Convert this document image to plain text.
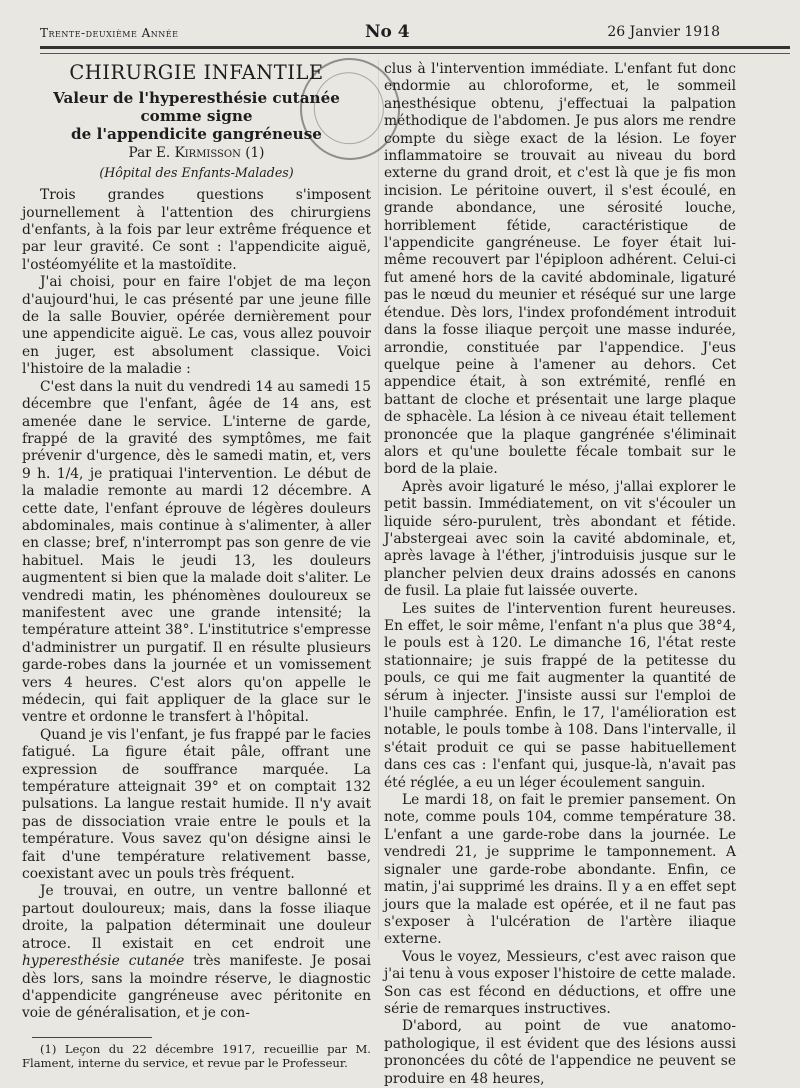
Trente-deuxième Année	No 4	26 Janvier 1918
CHIRURGIE INFANTILE
Valeur de l'hyperesthésie cutanée comme signe
de l'appendicite gangréneuse
Par E. Kirmisson (1)
(Hôpital des Enfants-Malades)

Trois grandes questions s'imposent journellement à l'attention des chirurgiens d'enfants, à la fois par leur extrême fréquence et par leur gravité. Ce sont : l'appendicite aiguë, l'ostéomyélite et la mastoïdite.

J'ai choisi, pour en faire l'objet de ma leçon d'aujourd'hui, le cas présenté par une jeune fille de la salle Bouvier, opérée dernièrement pour une appendicite aiguë. Le cas, vous allez pouvoir en juger, est absolument classique. Voici l'histoire de la maladie :

C'est dans la nuit du vendredi 14 au samedi 15 décembre que l'enfant, âgée de 14 ans, est amenée dane le service. L'interne de garde, frappé de la gravité des symptômes, me fait prévenir d'urgence, dès le samedi matin, et, vers 9 h. 1/4, je pratiquai l'intervention. Le début de la maladie remonte au mardi 12 décembre. A cette date, l'enfant éprouve de légères douleurs abdominales, mais continue à s'alimenter, à aller en classe; bref, n'interrompt pas son genre de vie habituel. Mais le jeudi 13, les douleurs augmentent si bien que la malade doit s'aliter. Le vendredi matin, les phénomènes douloureux se manifestent avec une grande intensité; la température atteint 38°. L'institutrice s'empresse d'administrer un purgatif. Il en résulte plusieurs garde-robes dans la journée et un vomissement vers 4 heures. C'est alors qu'on appelle le médecin, qui fait appliquer de la glace sur le ventre et ordonne le transfert à l'hôpital.

Quand je vis l'enfant, je fus frappé par le facies fatigué. La figure était pâle, offrant une expression de souffrance marquée. La température atteignait 39° et on comptait 132 pulsations. La langue restait humide. Il n'y avait pas de dissociation vraie entre le pouls et la température. Vous savez qu'on désigne ainsi le fait d'une température relativement basse, coexistant avec un pouls très fréquent.

Je trouvai, en outre, un ventre ballonné et partout douloureux; mais, dans la fosse iliaque droite, la palpation déterminait une douleur atroce. Il existait en cet endroit une hyperesthésie cutanée très manifeste. Je posai dès lors, sans la moindre réserve, le diagnostic d'appendicite gangréneuse avec péritonite en voie de généralisation, et je con-

(1) Leçon du 22 décembre 1917, recueillie par M. Flament, interne du service, et revue par le Professeur.

clus à l'intervention immédiate. L'enfant fut donc endormie au chloroforme, et, le sommeil anesthésique obtenu, j'effectuai la palpation méthodique de l'abdomen. Je pus alors me rendre compte du siège exact de la lésion. Le foyer inflammatoire se trouvait au niveau du bord externe du grand droit, et c'est là que je fis mon incision. Le péritoine ouvert, il s'est écoulé, en grande abondance, une sérosité louche, horriblement fétide, caractéristique de l'appendicite gangréneuse. Le foyer était lui-même recouvert par l'épiploon adhérent. Celui-ci fut amené hors de la cavité abdominale, ligaturé pas le nœud du meunier et réséqué sur une large étendue. Dès lors, l'index profondément introduit dans la fosse iliaque perçoit une masse indurée, arrondie, constituée par l'appendice. J'eus quelque peine à l'amener au dehors. Cet appendice était, à son extrémité, renflé en battant de cloche et présentait une large plaque de sphacèle. La lésion à ce niveau était tellement prononcée que la plaque gangrénée s'éliminait alors et qu'une boulette fécale tombait sur le bord de la plaie.

Après avoir ligaturé le méso, j'allai explorer le petit bassin. Immédiatement, on vit s'écouler un liquide séro-purulent, très abondant et fétide. J'abstergeai avec soin la cavité abdominale, et, après lavage à l'éther, j'introduisis jusque sur le plancher pelvien deux drains adossés en canons de fusil. La plaie fut laissée ouverte.

Les suites de l'intervention furent heureuses. En effet, le soir même, l'enfant n'a plus que 38°4, le pouls est à 120. Le dimanche 16, l'état reste stationnaire; je suis frappé de la petitesse du pouls, ce qui me fait augmenter la quantité de sérum à injecter. J'insiste aussi sur l'emploi de l'huile camphrée. Enfin, le 17, l'amélioration est notable, le pouls tombe à 108. Dans l'intervalle, il s'était produit ce qui se passe habituellement dans ces cas : l'enfant qui, jusque-là, n'avait pas été réglée, a eu un léger écoulement sanguin.

Le mardi 18, on fait le premier pansement. On note, comme pouls 104, comme température 38. L'enfant a une garde-robe dans la journée. Le vendredi 21, je supprime le tamponnement. A signaler une garde-robe abondante. Enfin, ce matin, j'ai supprimé les drains. Il y a en effet sept jours que la malade est opérée, et il ne faut pas s'exposer à l'ulcération de l'artère iliaque externe.

Vous le voyez, Messieurs, c'est avec raison que j'ai tenu à vous exposer l'histoire de cette malade. Son cas est fécond en déductions, et offre une série de remarques instructives.

D'abord, au point de vue anatomo-pathologique, il est évident que des lésions aussi prononcées du côté de l'appendice ne peuvent se produire en 48 heures,
